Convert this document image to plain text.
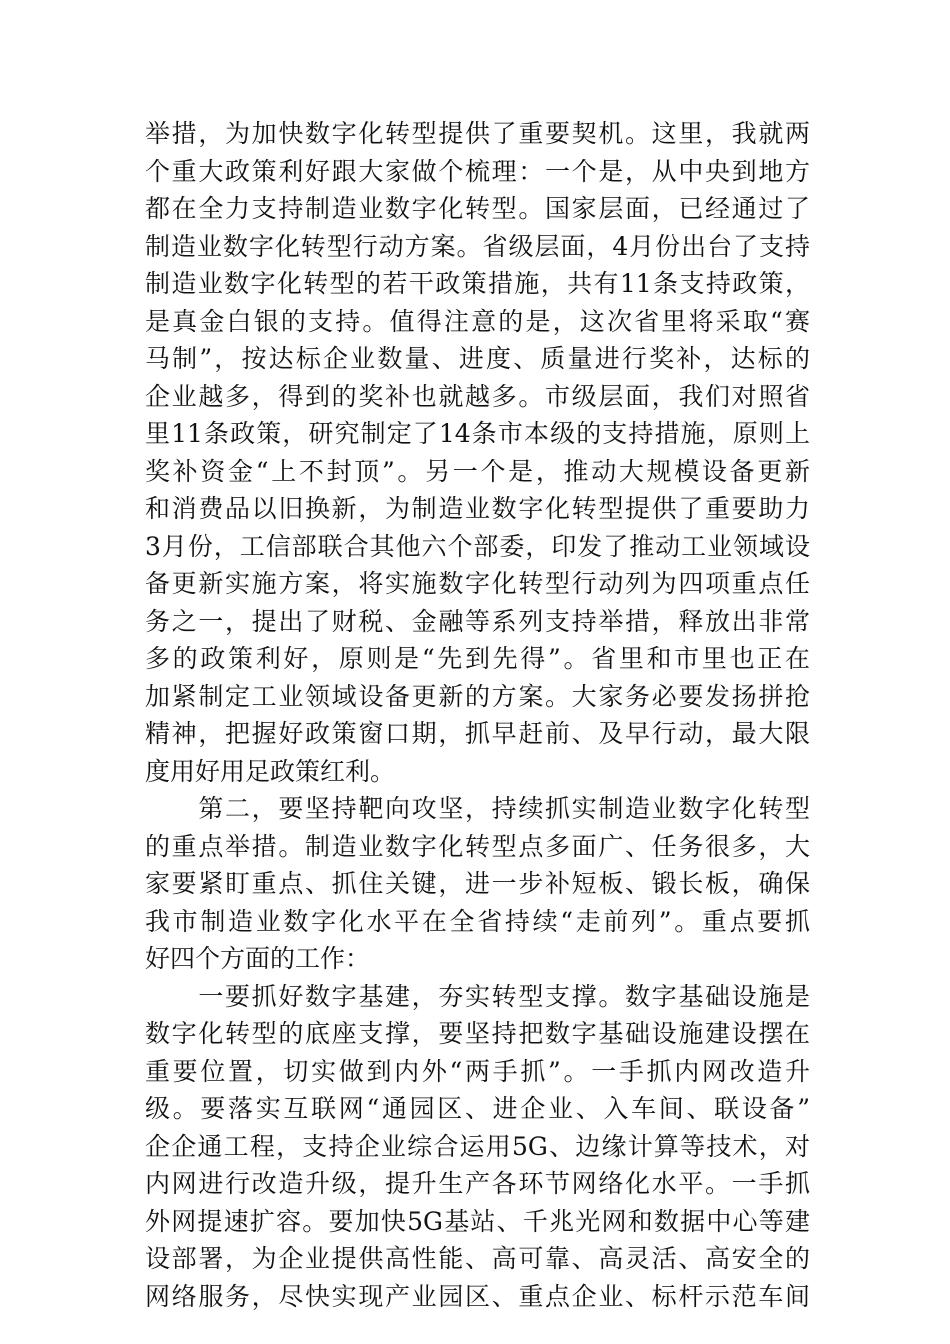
举措，为加快数字化转型提供了重要契机。这里，我就两
个重大政策利好跟大家做个梳理：一个是，从中央到地方
都在全力支持制造业数字化转型。国家层面，已经通过了
制造业数字化转型行动方案。省级层面，4月份出台了支持
制造业数字化转型的若干政策措施，共有11条支持政策，
是真金白银的支持。值得注意的是，这次省里将采取“赛
马制”，按达标企业数量、进度、质量进行奖补，达标的
企业越多，得到的奖补也就越多。市级层面，我们对照省
里11条政策，研究制定了14条市本级的支持措施，原则上
奖补资金“上不封顶”。另一个是，推动大规模设备更新
和消费品以旧换新，为制造业数字化转型提供了重要助力
3月份，工信部联合其他六个部委，印发了推动工业领域设
备更新实施方案，将实施数字化转型行动列为四项重点任
务之一，提出了财税、金融等系列支持举措，释放出非常
多的政策利好，原则是“先到先得”。省里和市里也正在
加紧制定工业领域设备更新的方案。大家务必要发扬拼抢
精神，把握好政策窗口期，抓早赶前、及早行动，最大限
度用好用足政策红利。
　　第二，要坚持靶向攻坚，持续抓实制造业数字化转型
的重点举措。制造业数字化转型点多面广、任务很多，大
家要紧盯重点、抓住关键，进一步补短板、锻长板，确保
我市制造业数字化水平在全省持续“走前列”。重点要抓
好四个方面的工作：
　　一要抓好数字基建，夯实转型支撑。数字基础设施是
数字化转型的底座支撑，要坚持把数字基础设施建设摆在
重要位置，切实做到内外“两手抓”。一手抓内网改造升
级。要落实互联网“通园区、进企业、入车间、联设备”
企企通工程，支持企业综合运用5G、边缘计算等技术，对
内网进行改造升级，提升生产各环节网络化水平。一手抓
外网提速扩容。要加快5G基站、千兆光网和数据中心等建
设部署，为企业提供高性能、高可靠、高灵活、高安全的
网络服务，尽快实现产业园区、重点企业、标杆示范车间
